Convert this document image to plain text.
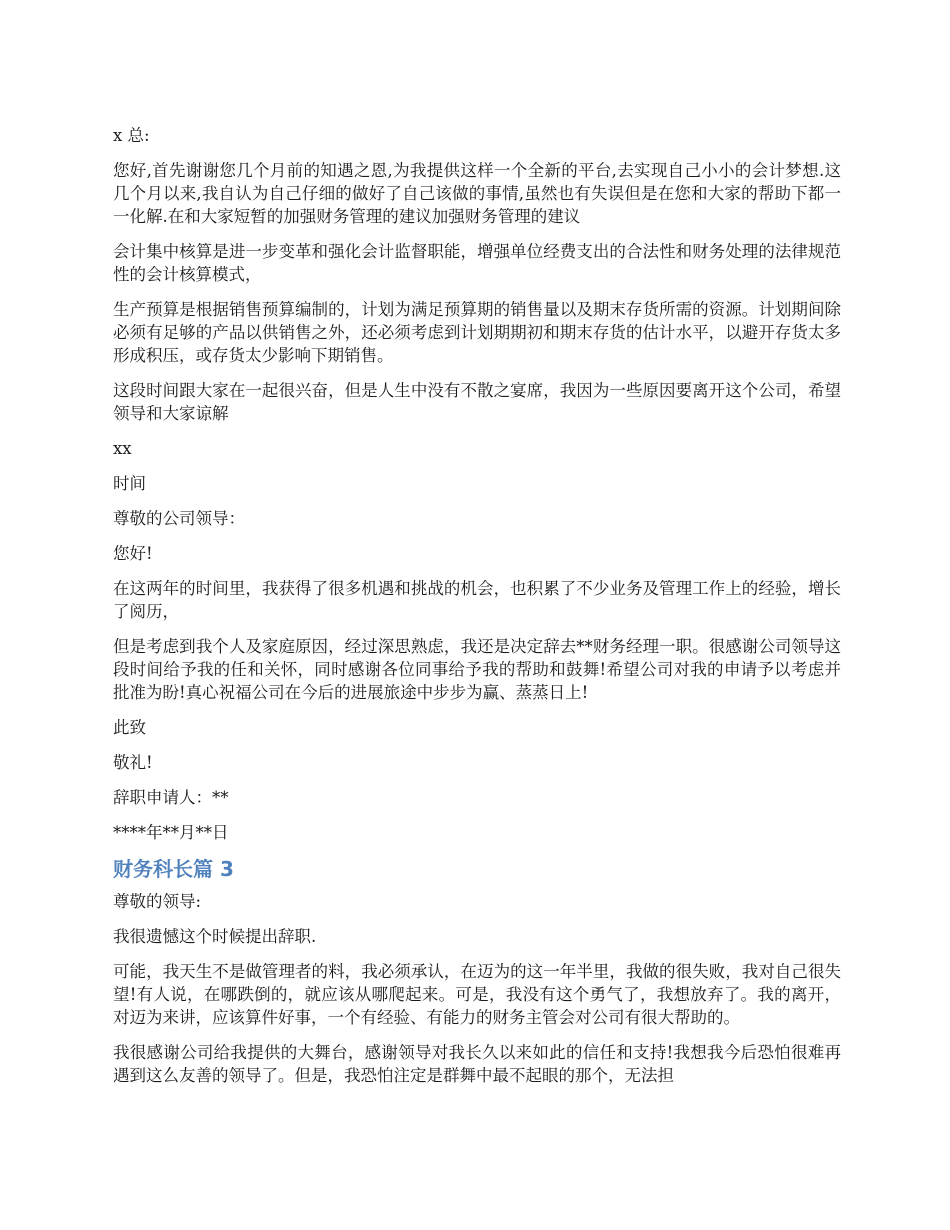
x 总:

您好,首先谢谢您几个月前的知遇之恩,为我提供这样一个全新的平台,去实现自己小小的会计梦想.这几个月以来,我自认为自己仔细的做好了自己该做的事情,虽然也有失误但是在您和大家的帮助下都一一化解.在和大家短暂的加强财务管理的建议加强财务管理的建议

会计集中核算是进一步变革和强化会计监督职能，增强单位经费支出的合法性和财务处理的法律规范性的会计核算模式，

生产预算是根据销售预算编制的，计划为满足预算期的销售量以及期末存货所需的资源。计划期间除必须有足够的产品以供销售之外，还必须考虑到计划期期初和期末存货的估计水平，以避开存货太多形成积压，或存货太少影响下期销售。

这段时间跟大家在一起很兴奋，但是人生中没有不散之宴席，我因为一些原因要离开这个公司，希望领导和大家谅解

xx

时间

尊敬的公司领导：

您好!

在这两年的时间里，我获得了很多机遇和挑战的机会，也积累了不少业务及管理工作上的经验，增长了阅历，

但是考虑到我个人及家庭原因，经过深思熟虑，我还是决定辞去**财务经理一职。很感谢公司领导这段时间给予我的任和关怀，同时感谢各位同事给予我的帮助和鼓舞!希望公司对我的申请予以考虑并批准为盼!真心祝福公司在今后的进展旅途中步步为赢、蒸蒸日上!

此致

敬礼!

辞职申请人：**

****年**月**日

财务科长篇 3

尊敬的领导:

我很遗憾这个时候提出辞职.

可能，我天生不是做管理者的料，我必须承认，在迈为的这一年半里，我做的很失败，我对自己很失望!有人说，在哪跌倒的，就应该从哪爬起来。可是，我没有这个勇气了，我想放弃了。我的离开，对迈为来讲，应该算件好事，一个有经验、有能力的财务主管会对公司有很大帮助的。

我很感谢公司给我提供的大舞台，感谢领导对我长久以来如此的信任和支持!我想我今后恐怕很难再遇到这么友善的领导了。但是，我恐怕注定是群舞中最不起眼的那个，无法担
